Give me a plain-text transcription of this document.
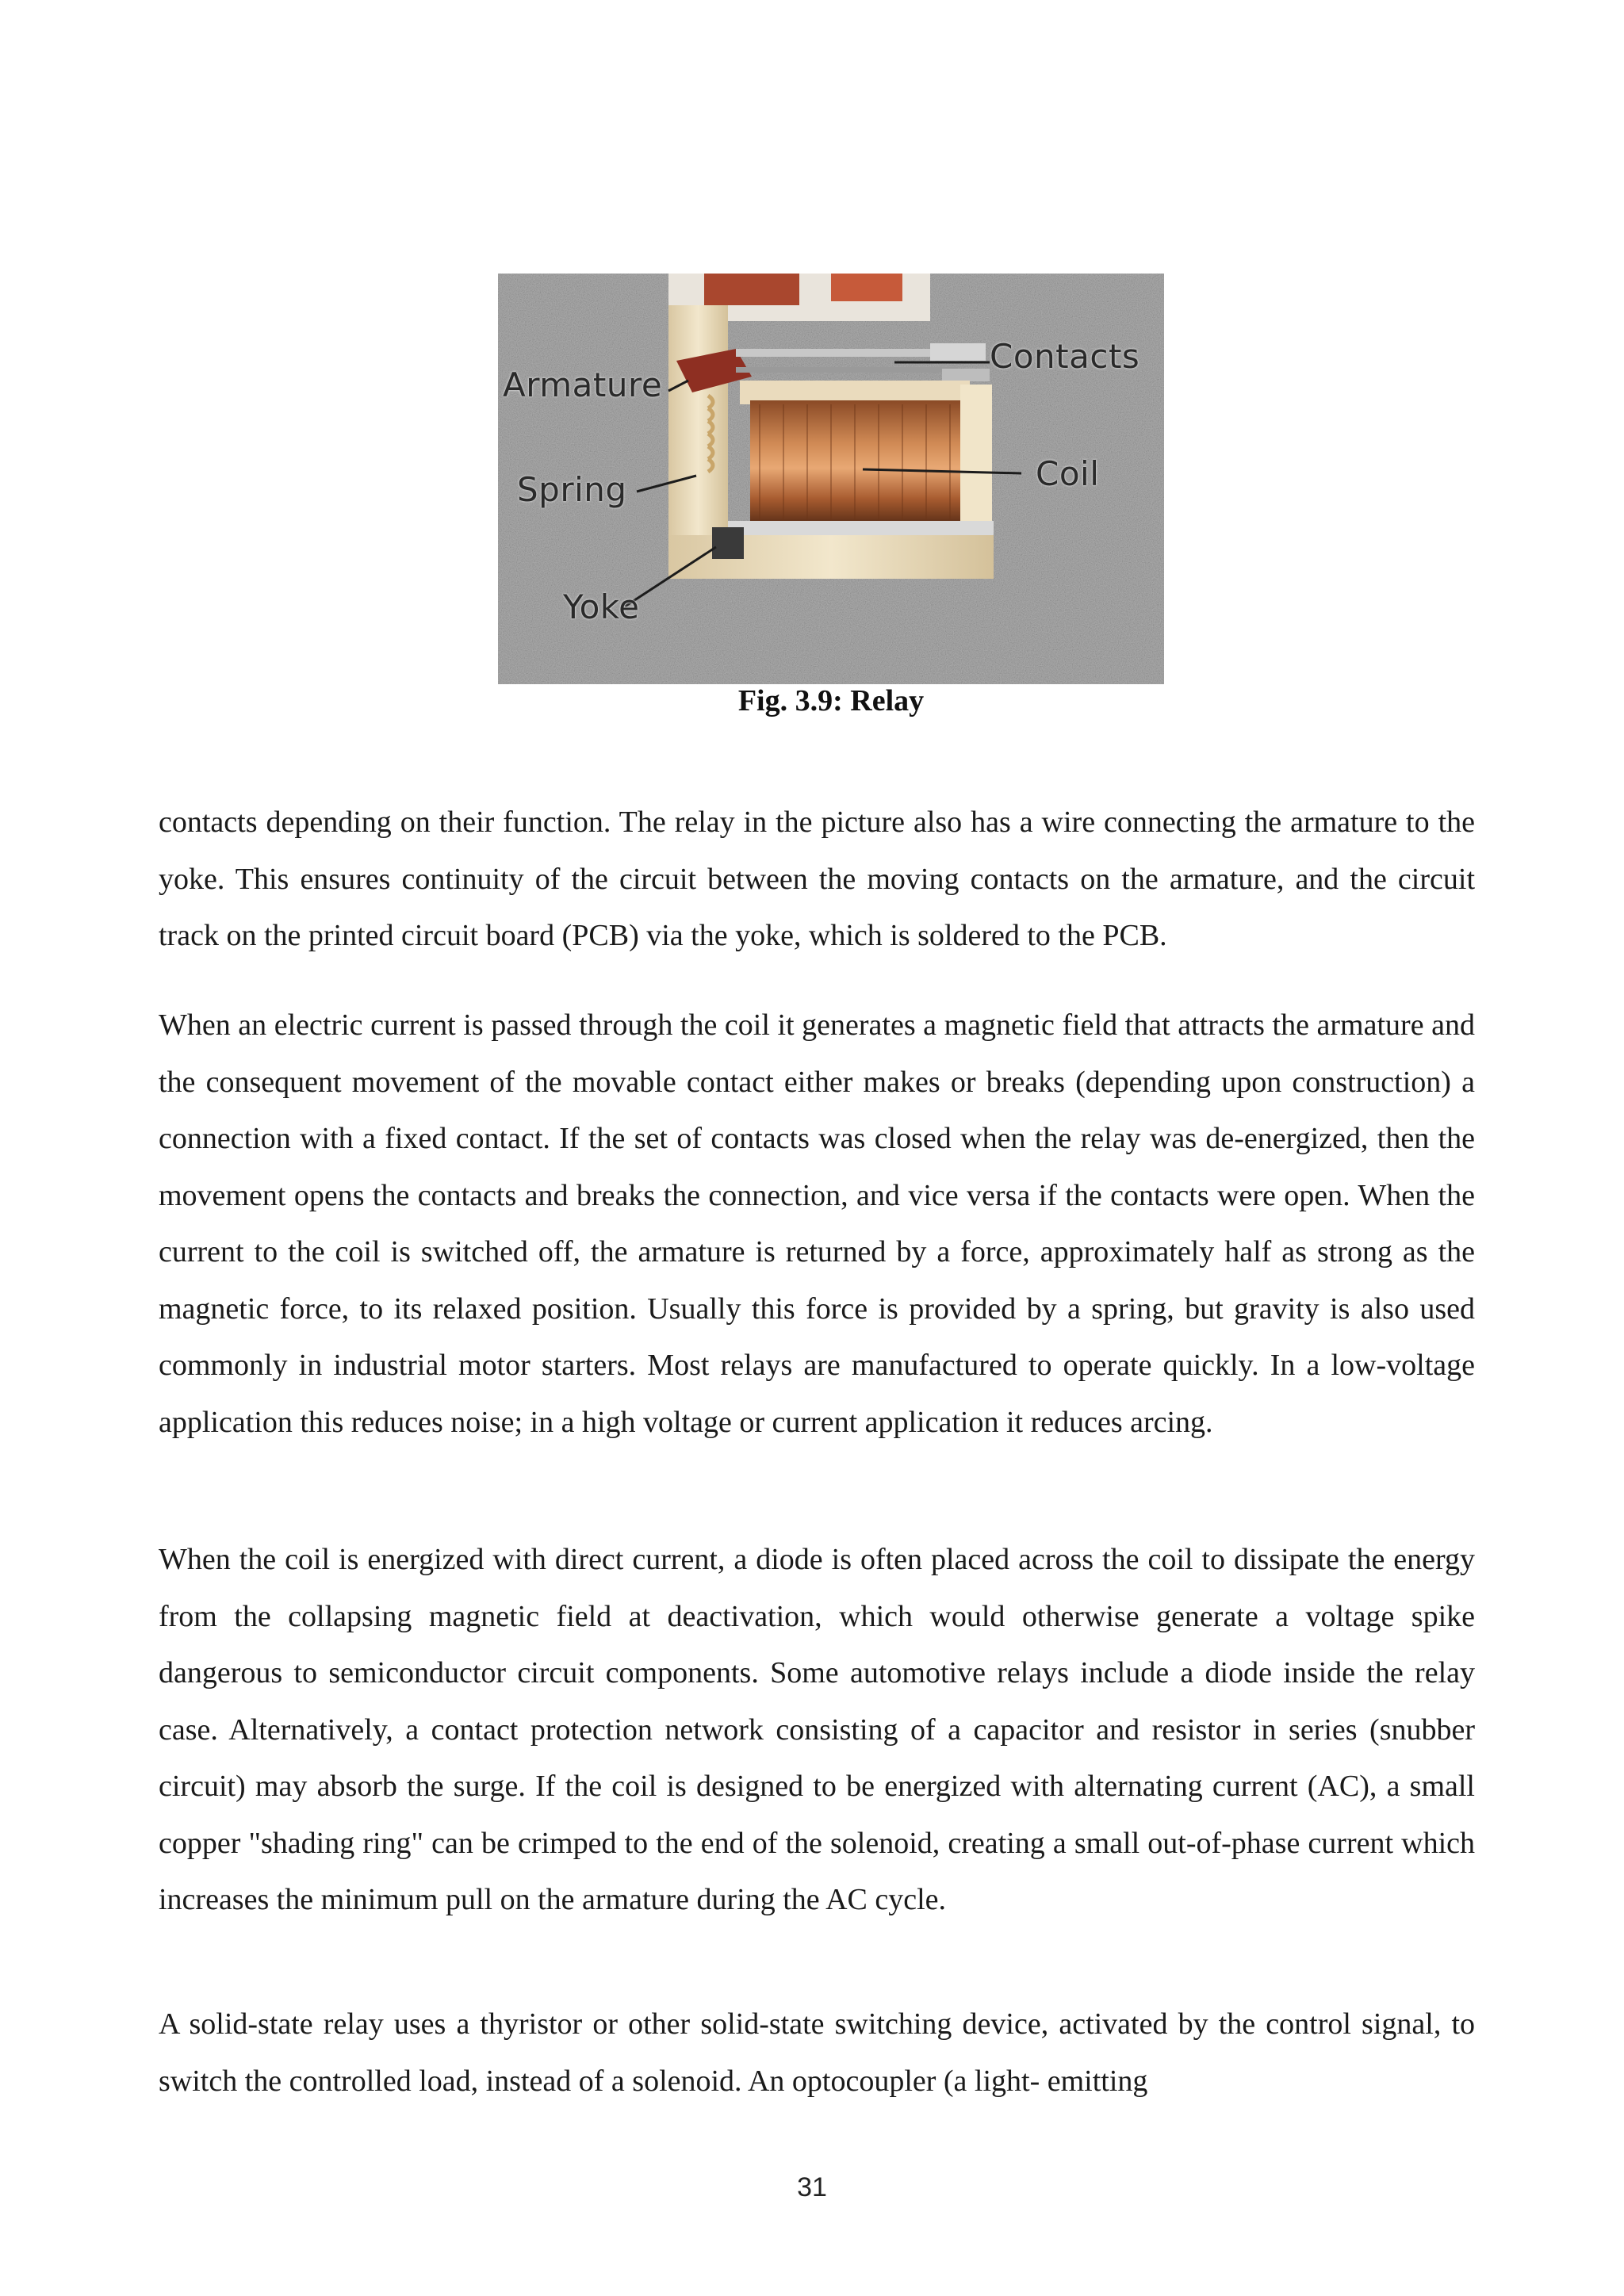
Armature
Contacts
Spring	Coil
Yoke
Fig. 3.9: Relay

contacts depending on their function. The relay in the picture also has a wire connecting the armature to the yoke. This ensures continuity of the circuit between the moving contacts on the armature, and the circuit track on the printed circuit board (PCB) via the yoke, which is soldered to the PCB.

When an electric current is passed through the coil it generates a magnetic field that attracts the armature and the consequent movement of the movable contact either makes or breaks (depending upon construction) a connection with a fixed contact. If the set of contacts was closed when the relay was de-energized, then the movement opens the contacts and breaks the connection, and vice versa if the contacts were open. When the current to the coil is switched off, the armature is returned by a force, approximately half as strong as the magnetic force, to its relaxed position. Usually this force is provided by a spring, but gravity is also used commonly in industrial motor starters. Most relays are manufactured to operate quickly. In a low-voltage application this reduces noise; in a high voltage or current application it reduces arcing.

When the coil is energized with direct current, a diode is often placed across the coil to dissipate the energy from the collapsing magnetic field at deactivation, which would otherwise generate a voltage spike dangerous to semiconductor circuit components. Some automotive relays include a diode inside the relay case. Alternatively, a contact protection network consisting of a capacitor and resistor in series (snubber circuit) may absorb the surge. If the coil is designed to be energized with alternating current (AC), a small copper "shading ring" can be crimped to the end of the solenoid, creating a small out-of-phase current which increases the minimum pull on the armature during the AC cycle.

A solid-state relay uses a thyristor or other solid-state switching device, activated by the control signal, to switch the controlled load, instead of a solenoid. An optocoupler (a light- emitting

31
